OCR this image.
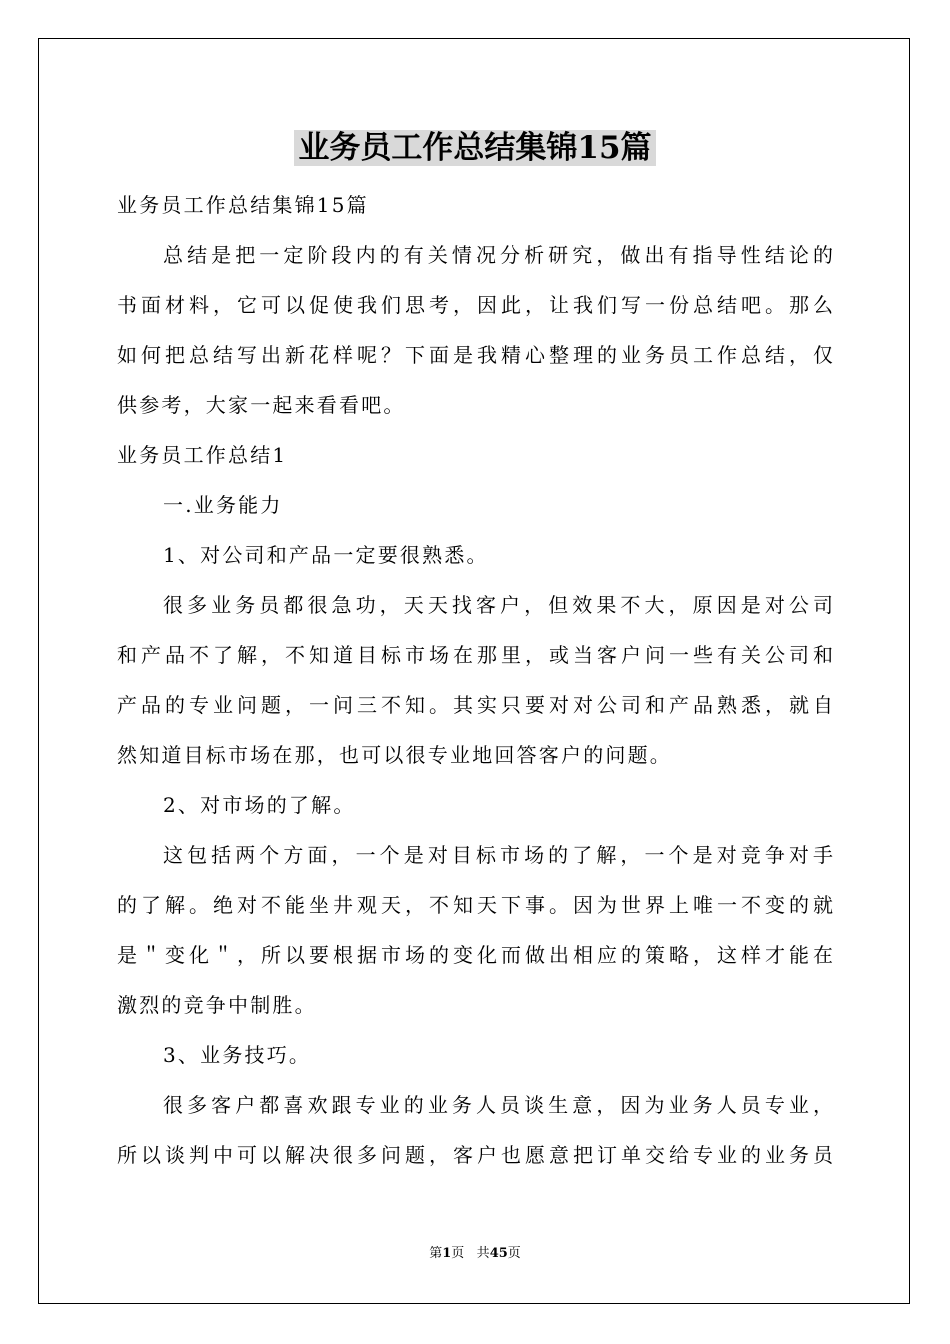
业务员工作总结集锦15篇
业务员工作总结集锦15篇
总结是把一定阶段内的有关情况分析研究，做出有指导性结论的
书面材料，它可以促使我们思考，因此，让我们写一份总结吧。那么
如何把总结写出新花样呢？下面是我精心整理的业务员工作总结，仅
供参考，大家一起来看看吧。
业务员工作总结1
一.业务能力
1、对公司和产品一定要很熟悉。
很多业务员都很急功，天天找客户，但效果不大，原因是对公司
和产品不了解，不知道目标市场在那里，或当客户问一些有关公司和
产品的专业问题，一问三不知。其实只要对对公司和产品熟悉，就自
然知道目标市场在那，也可以很专业地回答客户的问题。
2、对市场的了解。
这包括两个方面，一个是对目标市场的了解，一个是对竞争对手
的了解。绝对不能坐井观天，不知天下事。因为世界上唯一不变的就
是＂变化＂，所以要根据市场的变化而做出相应的策略，这样才能在
激烈的竞争中制胜。
3、业务技巧。
很多客户都喜欢跟专业的业务人员谈生意，因为业务人员专业，
所以谈判中可以解决很多问题，客户也愿意把订单交给专业的业务员
第1页 共45页
